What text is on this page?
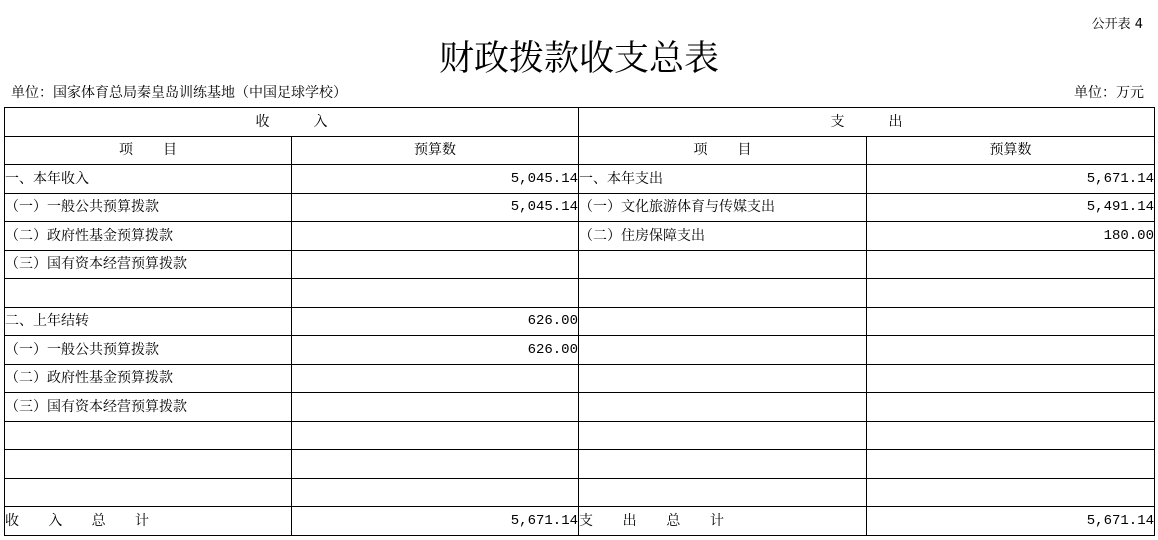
公开表 4
财政拨款收支总表
单位：国家体育总局秦皇岛训练基地（中国足球学校）	单位：万元
收 入		支 出	
项 目	预算数	项 目	预算数
一、本年收入	5,045.14	一、本年支出	5,671.14
（一）一般公共预算拨款	5,045.14	（一）文化旅游体育与传媒支出	5,491.14
（二）政府性基金预算拨款		（二）住房保障支出	180.00
（三）国有资本经营预算拨款			

二、上年结转	626.00		
（一）一般公共预算拨款	626.00		
（二）政府性基金预算拨款			
（三）国有资本经营预算拨款			

收 入 总 计	5,671.14	支 出 总 计	5,671.14
